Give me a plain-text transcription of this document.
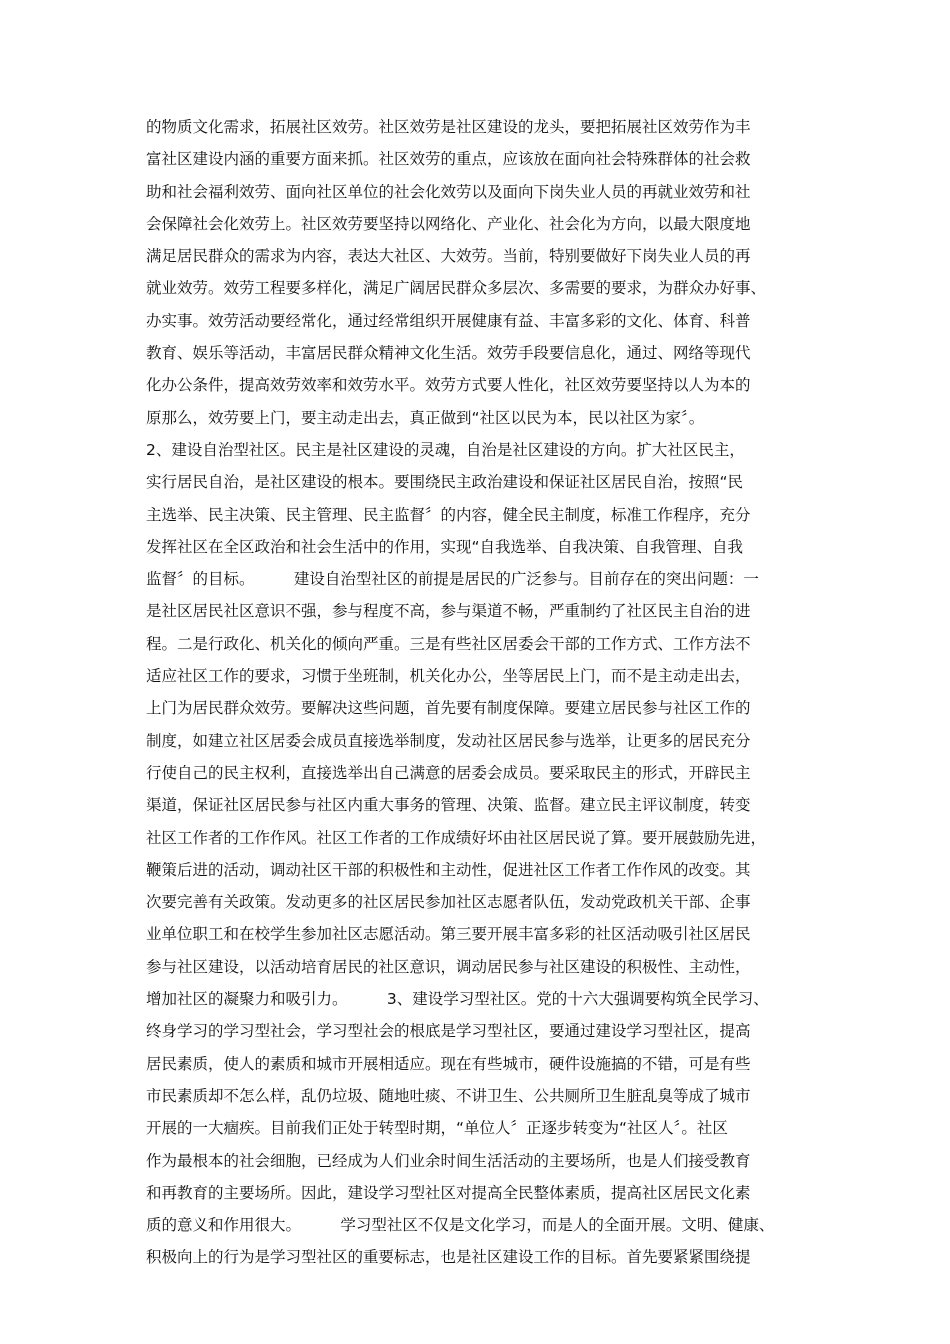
的物质文化需求，拓展社区效劳。社区效劳是社区建设的龙头，要把拓展社区效劳作为丰
富社区建设内涵的重要方面来抓。社区效劳的重点，应该放在面向社会特殊群体的社会救
助和社会福利效劳、面向社区单位的社会化效劳以及面向下岗失业人员的再就业效劳和社
会保障社会化效劳上。社区效劳要坚持以网络化、产业化、社会化为方向，以最大限度地
满足居民群众的需求为内容，表达大社区、大效劳。当前，特别要做好下岗失业人员的再
就业效劳。效劳工程要多样化，满足广阔居民群众多层次、多需要的要求，为群众办好事、
办实事。效劳活动要经常化，通过经常组织开展健康有益、丰富多彩的文化、体育、科普
教育、娱乐等活动，丰富居民群众精神文化生活。效劳手段要信息化，通过、网络等现代
化办公条件，提高效劳效率和效劳水平。效劳方式要人性化，社区效劳要坚持以人为本的
原那么，效劳要上门，要主动走出去，真正做到“社区以民为本，民以社区为家〞。
2、建设自治型社区。民主是社区建设的灵魂，自治是社区建设的方向。扩大社区民主，
实行居民自治，是社区建设的根本。要围绕民主政治建设和保证社区居民自治，按照“民
主选举、民主决策、民主管理、民主监督〞的内容，健全民主制度，标准工作程序，充分
发挥社区在全区政治和社会生活中的作用，实现“自我选举、自我决策、自我管理、自我
监督〞的目标。        建设自治型社区的前提是居民的广泛参与。目前存在的突出问题：一
是社区居民社区意识不强，参与程度不高，参与渠道不畅，严重制约了社区民主自治的进
程。二是行政化、机关化的倾向严重。三是有些社区居委会干部的工作方式、工作方法不
适应社区工作的要求，习惯于坐班制，机关化办公，坐等居民上门，而不是主动走出去，
上门为居民群众效劳。要解决这些问题，首先要有制度保障。要建立居民参与社区工作的
制度，如建立社区居委会成员直接选举制度，发动社区居民参与选举，让更多的居民充分
行使自己的民主权利，直接选举出自己满意的居委会成员。要采取民主的形式，开辟民主
渠道，保证社区居民参与社区内重大事务的管理、决策、监督。建立民主评议制度，转变
社区工作者的工作作风。社区工作者的工作成绩好坏由社区居民说了算。要开展鼓励先进，
鞭策后进的活动，调动社区干部的积极性和主动性，促进社区工作者工作作风的改变。其
次要完善有关政策。发动更多的社区居民参加社区志愿者队伍，发动党政机关干部、企事
业单位职工和在校学生参加社区志愿活动。第三要开展丰富多彩的社区活动吸引社区居民
参与社区建设，以活动培育居民的社区意识，调动居民参与社区建设的积极性、主动性，
增加社区的凝聚力和吸引力。        3、建设学习型社区。党的十六大强调要构筑全民学习、
终身学习的学习型社会，学习型社会的根底是学习型社区，要通过建设学习型社区，提高
居民素质，使人的素质和城市开展相适应。现在有些城市，硬件设施搞的不错，可是有些
市民素质却不怎么样，乱仍垃圾、随地吐痰、不讲卫生、公共厕所卫生脏乱臭等成了城市
开展的一大痼疾。目前我们正处于转型时期，“单位人〞正逐步转变为“社区人〞。社区
作为最根本的社会细胞，已经成为人们业余时间生活活动的主要场所，也是人们接受教育
和再教育的主要场所。因此，建设学习型社区对提高全民整体素质，提高社区居民文化素
质的意义和作用很大。        学习型社区不仅是文化学习，而是人的全面开展。文明、健康、
积极向上的行为是学习型社区的重要标志，也是社区建设工作的目标。首先要紧紧围绕提
